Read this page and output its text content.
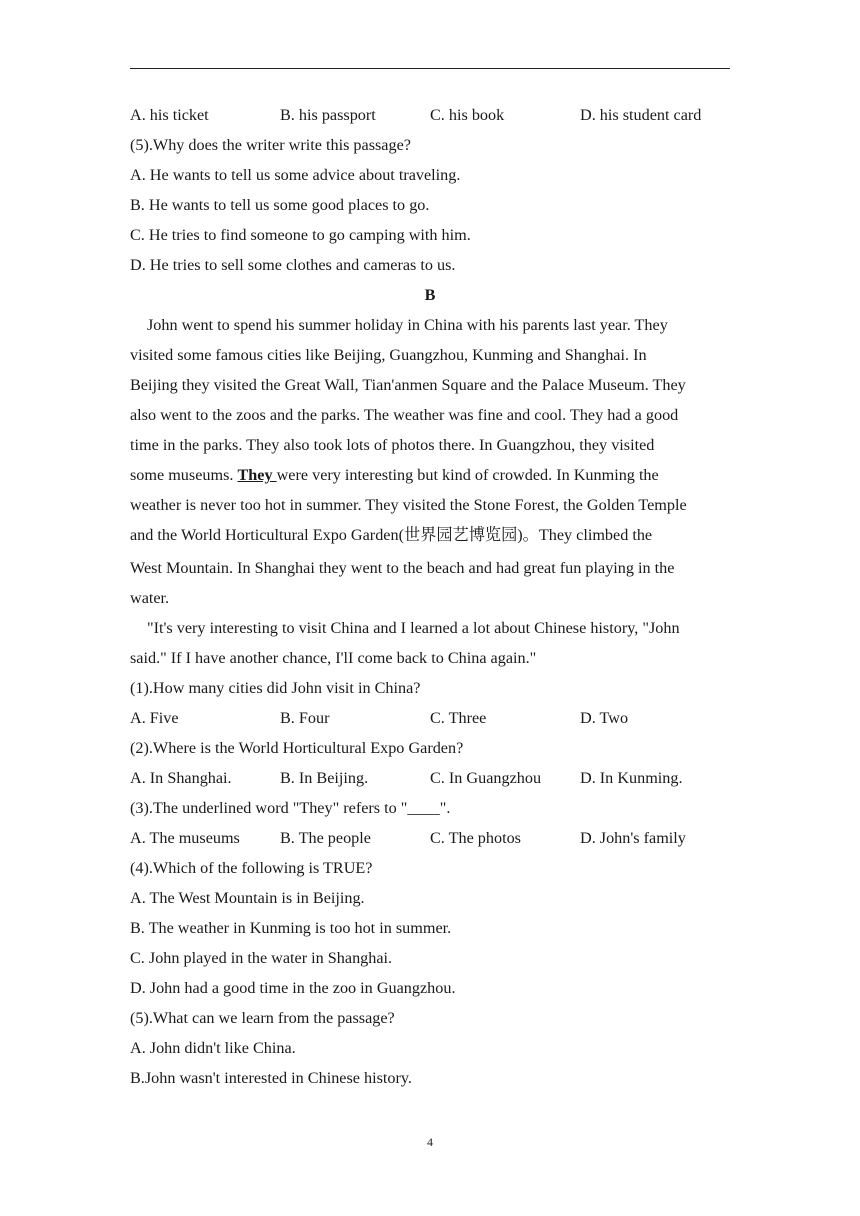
A. his ticket	B. his passport	C. his book	D. his student card
(5).Why does the writer write this passage?
A. He wants to tell us some advice about traveling.
B. He wants to tell us some good places to go.
C. He tries to find someone to go camping with him.
D. He tries to sell some clothes and cameras to us.
B
John went to spend his summer holiday in China with his parents last year. They
visited some famous cities like Beijing, Guangzhou, Kunming and Shanghai. In
Beijing they visited the Great Wall, Tian'anmen Square and the Palace Museum. They
also went to the zoos and the parks. The weather was fine and cool. They had a good
time in the parks. They also took lots of photos there. In Guangzhou, they visited
some museums. They were very interesting but kind of crowded. In Kunming the
weather is never too hot in summer. They visited the Stone Forest, the Golden Temple
and the World Horticultural Expo Garden(世界园艺博览园)。They climbed the
West Mountain. In Shanghai they went to the beach and had great fun playing in the
water.
"It's very interesting to visit China and I learned a lot about Chinese history, "John
said." If I have another chance, I'lI come back to China again."
(1).How many cities did John visit in China?
A. Five	B. Four	C. Three	D. Two
(2).Where is the World Horticultural Expo Garden?
A. In Shanghai.	B. In Beijing.	C. In Guangzhou D. In Kunming.
(3).The underlined word "They" refers to "____".
A. The museums B. The people	C. The photos	D. John's family
(4).Which of the following is TRUE?
A. The West Mountain is in Beijing.
B. The weather in Kunming is too hot in summer.
C. John played in the water in Shanghai.
D. John had a good time in the zoo in Guangzhou.
(5).What can we learn from the passage?
A. John didn't like China.
B.John wasn't interested in Chinese history.
4
